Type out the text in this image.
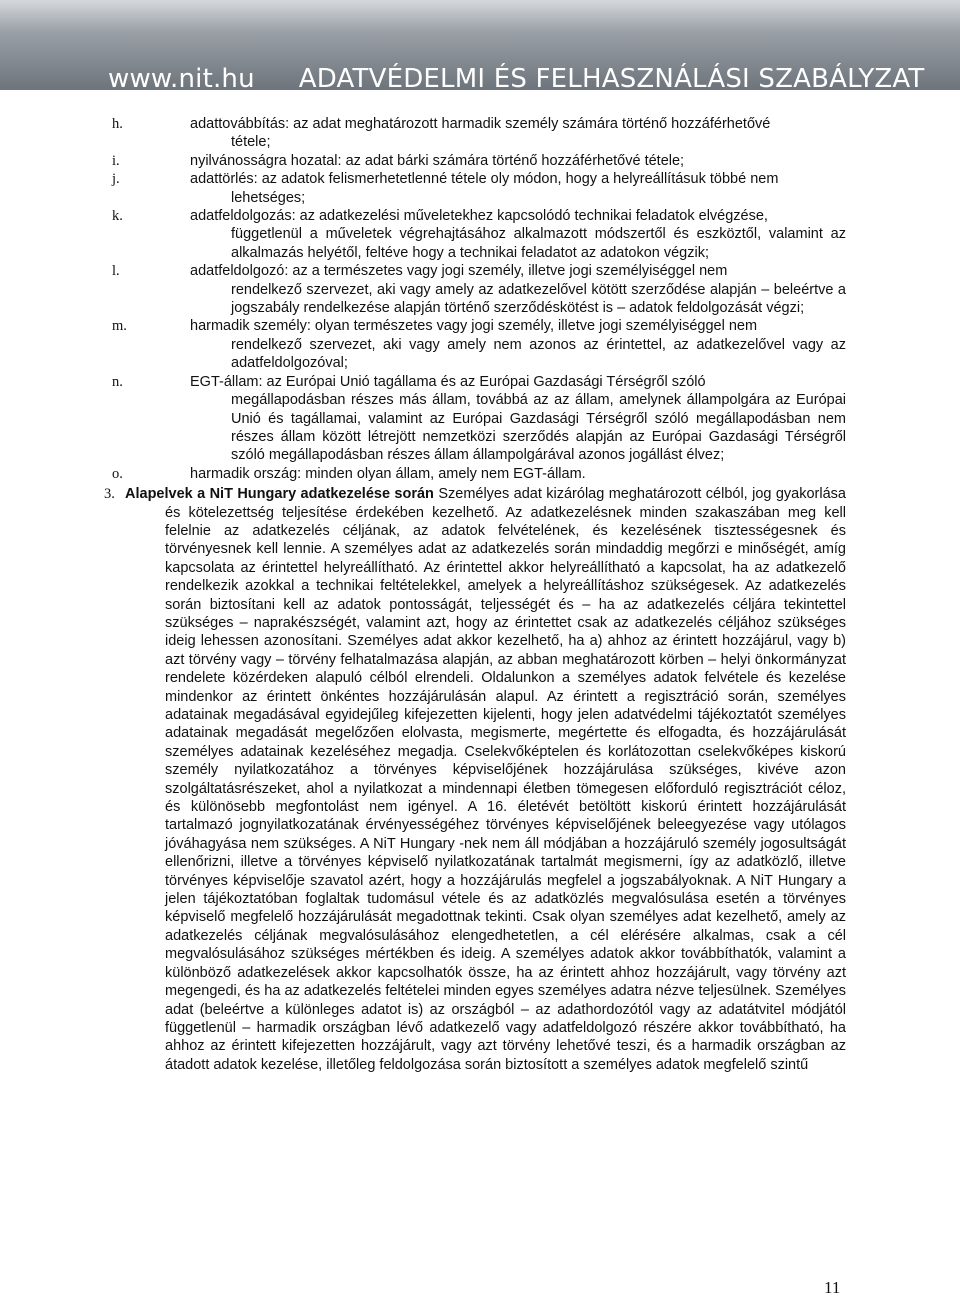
www.nit.hu ADATVÉDELMI ÉS FELHASZNÁLÁSI SZABÁLYZAT
h.	adattovábbítás: az adat meghatározott harmadik személy számára történő hozzáférhetővé
tétele;
i.	nyilvánosságra hozatal: az adat bárki számára történő hozzáférhetővé tétele;
j.	adattörlés: az adatok felismerhetetlenné tétele oly módon, hogy a helyreállításuk többé nem
lehetséges;
k.	adatfeldolgozás: az adatkezelési műveletekhez kapcsolódó technikai feladatok elvégzése,
függetlenül a műveletek végrehajtásához alkalmazott módszertől és eszköztől, valamint az alkalmazás helyétől, feltéve hogy a technikai feladatot az adatokon végzik;
l.	adatfeldolgozó: az a természetes vagy jogi személy, illetve jogi személyiséggel nem
rendelkező szervezet, aki vagy amely az adatkezelővel kötött szerződése alapján – beleértve a jogszabály rendelkezése alapján történő szerződéskötést is – adatok feldolgozását végzi;
m.	harmadik személy: olyan természetes vagy jogi személy, illetve jogi személyiséggel nem
rendelkező szervezet, aki vagy amely nem azonos az érintettel, az adatkezelővel vagy az adatfeldolgozóval;
n.	EGT-állam: az Európai Unió tagállama és az Európai Gazdasági Térségről szóló
megállapodásban részes más állam, továbbá az az állam, amelynek állampolgára az Európai Unió és tagállamai, valamint az Európai Gazdasági Térségről szóló megállapodásban nem részes állam között létrejött nemzetközi szerződés alapján az Európai Gazdasági Térségről szóló megállapodásban részes állam állampolgárával azonos jogállást élvez;
o.	harmadik ország: minden olyan állam, amely nem EGT-állam.
3. Alapelvek a NiT Hungary adatkezelése során Személyes adat kizárólag meghatározott célból, jog gyakorlása és kötelezettség teljesítése érdekében kezelhető. Az adatkezelésnek minden szakaszában meg kell felelnie az adatkezelés céljának, az adatok felvételének, és kezelésének tisztességesnek és törvényesnek kell lennie. A személyes adat az adatkezelés során mindaddig megőrzi e minőségét, amíg kapcsolata az érintettel helyreállítható. Az érintettel akkor helyreállítható a kapcsolat, ha az adatkezelő rendelkezik azokkal a technikai feltételekkel, amelyek a helyreállításhoz szükségesek. Az adatkezelés során biztosítani kell az adatok pontosságát, teljességét és – ha az adatkezelés céljára tekintettel szükséges – naprakészségét, valamint azt, hogy az érintettet csak az adatkezelés céljához szükséges ideig lehessen azonosítani. Személyes adat akkor kezelhető, ha a) ahhoz az érintett hozzájárul, vagy b) azt törvény vagy – törvény felhatalmazása alapján, az abban meghatározott körben – helyi önkormányzat rendelete közérdeken alapuló célból elrendeli. Oldalunkon a személyes adatok felvétele és kezelése mindenkor az érintett önkéntes hozzájárulásán alapul. Az érintett a regisztráció során, személyes adatainak megadásával egyidejűleg kifejezetten kijelenti, hogy jelen adatvédelmi tájékoztatót személyes adatainak megadását megelőzően elolvasta, megismerte, megértette és elfogadta, és hozzájárulását személyes adatainak kezeléséhez megadja. Cselekvőképtelen és korlátozottan cselekvőképes kiskorú személy nyilatkozatához a törvényes képviselőjének hozzájárulása szükséges, kivéve azon szolgáltatásrészeket, ahol a nyilatkozat a mindennapi életben tömegesen előforduló regisztrációt céloz, és különösebb megfontolást nem igényel. A 16. életévét betöltött kiskorú érintett hozzájárulását tartalmazó jognyilatkozatának érvényességéhez törvényes képviselőjének beleegyezése vagy utólagos jóváhagyása nem szükséges. A NiT Hungary -nek nem áll módjában a hozzájáruló személy jogosultságát ellenőrizni, illetve a törvényes képviselő nyilatkozatának tartalmát megismerni, így az adatközlő, illetve törvényes képviselője szavatol azért, hogy a hozzájárulás megfelel a jogszabályoknak. A NiT Hungary a jelen tájékoztatóban foglaltak tudomásul vétele és az adatközlés megvalósulása esetén a törvényes képviselő megfelelő hozzájárulását megadottnak tekinti. Csak olyan személyes adat kezelhető, amely az adatkezelés céljának megvalósulásához elengedhetetlen, a cél elérésére alkalmas, csak a cél megvalósulásához szükséges mértékben és ideig. A személyes adatok akkor továbbíthatók, valamint a különböző adatkezelések akkor kapcsolhatók össze, ha az érintett ahhoz hozzájárult, vagy törvény azt megengedi, és ha az adatkezelés feltételei minden egyes személyes adatra nézve teljesülnek. Személyes adat (beleértve a különleges adatot is) az országból – az adathordozótól vagy az adatátvitel módjától függetlenül – harmadik országban lévő adatkezelő vagy adatfeldolgozó részére akkor továbbítható, ha ahhoz az érintett kifejezetten hozzájárult, vagy azt törvény lehetővé teszi, és a harmadik országban az átadott adatok kezelése, illetőleg feldolgozása során biztosított a személyes adatok megfelelő szintű

11
